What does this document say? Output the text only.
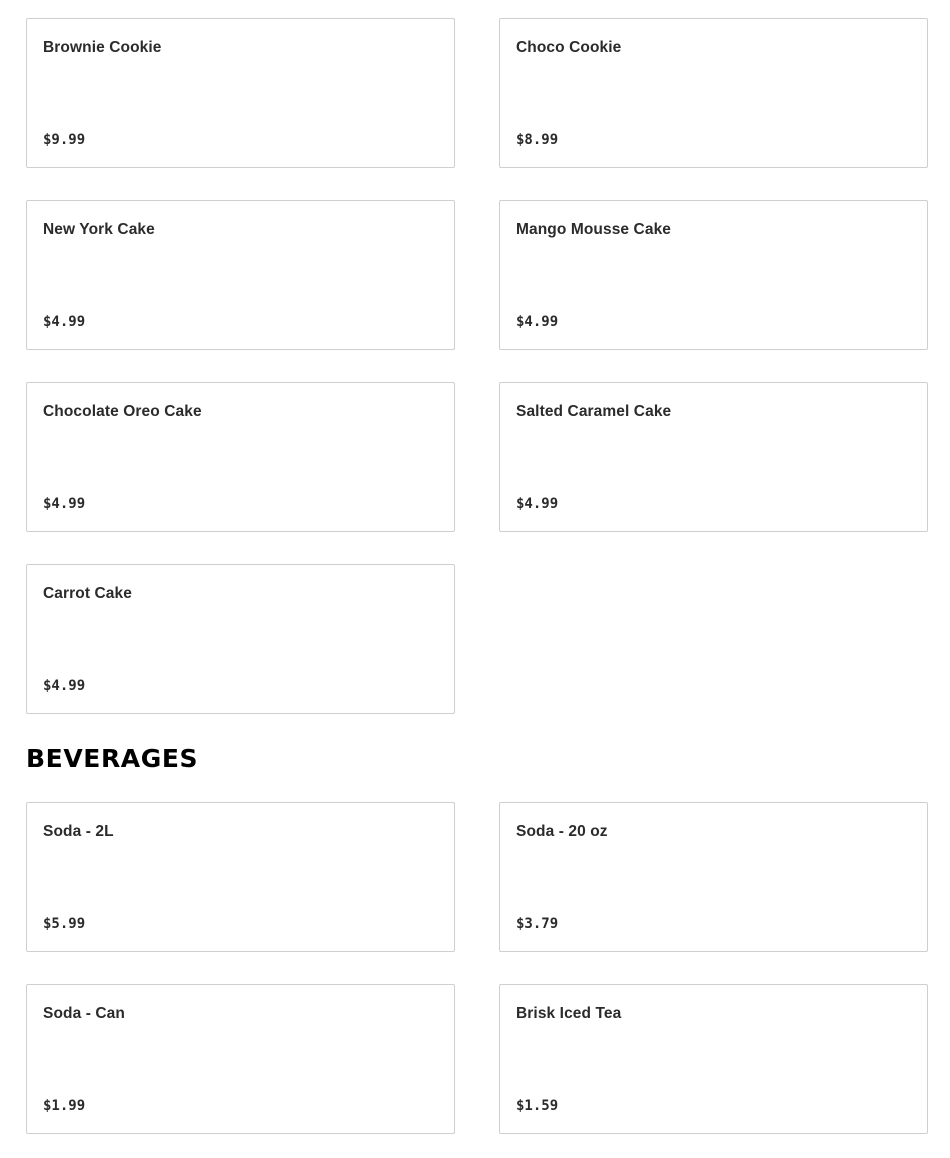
Brownie Cookie
$9.99
Choco Cookie
$8.99
New York Cake
$4.99
Mango Mousse Cake
$4.99
Chocolate Oreo Cake
$4.99
Salted Caramel Cake
$4.99
Carrot Cake
$4.99
BEVERAGES
Soda - 2L
$5.99
Soda - 20 oz
$3.79
Soda - Can
$1.99
Brisk Iced Tea
$1.59
